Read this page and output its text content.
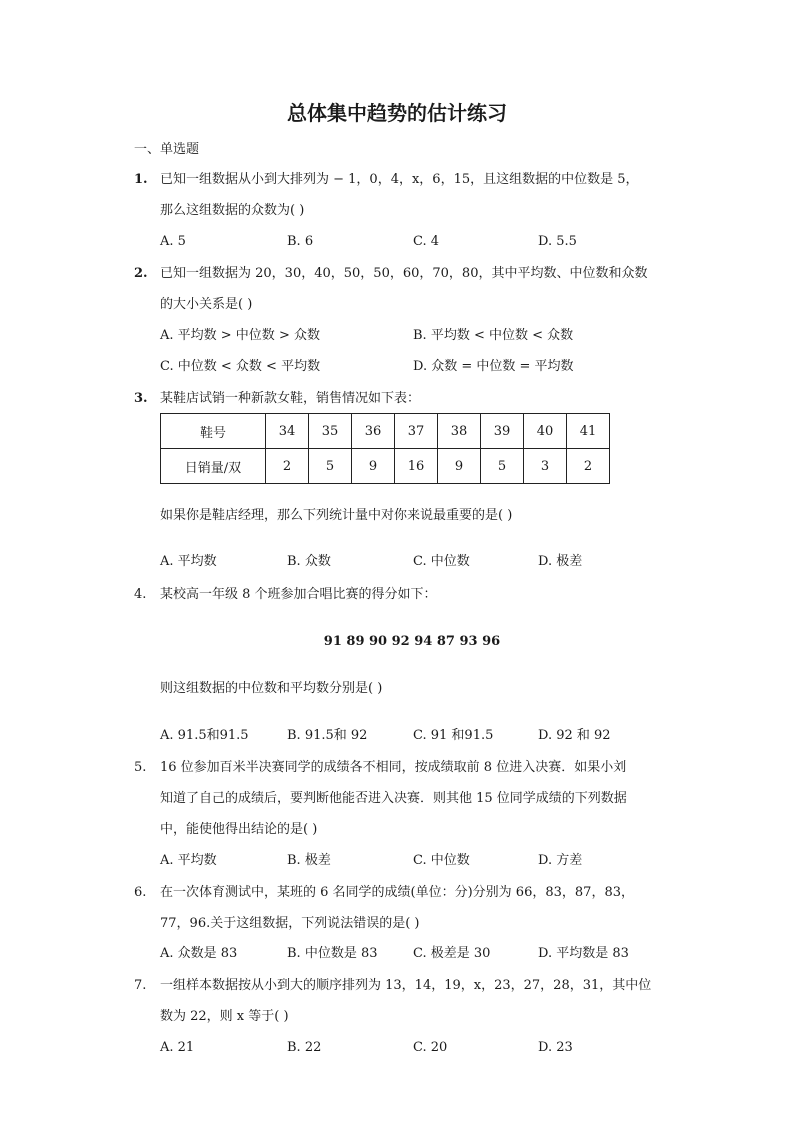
总体集中趋势的估计练习
一、单选题
1. 已知一组数据从小到大排列为 − 1，0，4，x，6，15，且这组数据的中位数是 5，
那么这组数据的众数为( )
A. 5	B. 6	C. 4	D. 5.5
2. 已知一组数据为 20，30，40，50，50，60，70，80，其中平均数、中位数和众数
的大小关系是( )
A. 平均数 > 中位数 > 众数	B. 平均数 < 中位数 < 众数
C. 中位数 < 众数 < 平均数	D. 众数 = 中位数 = 平均数
3. 某鞋店试销一种新款女鞋，销售情况如下表：
鞋号	34	35	36	37	38	39	40	41
日销量/双	2	5	9	16	9	5	3	2
如果你是鞋店经理，那么下列统计量中对你来说最重要的是( )
A. 平均数	B. 众数	C. 中位数	D. 极差
4. 某校高一年级 8 个班参加合唱比赛的得分如下：
91 89 90 92 94 87 93 96
则这组数据的中位数和平均数分别是( )
A. 91.5和91.5	B. 91.5和 92	C. 91 和91.5	D. 92 和 92
5. 16 位参加百米半决赛同学的成绩各不相同，按成绩取前 8 位进入决赛．如果小刘
知道了自己的成绩后，要判断他能否进入决赛．则其他 15 位同学成绩的下列数据
中，能使他得出结论的是( )
A. 平均数	B. 极差	C. 中位数	D. 方差
6. 在一次体育测试中，某班的 6 名同学的成绩(单位：分)分别为 66，83，87，83，
77，96.关于这组数据，下列说法错误的是( )
A. 众数是 83	B. 中位数是 83	C. 极差是 30	D. 平均数是 83
7. 一组样本数据按从小到大的顺序排列为 13，14，19，x，23，27，28，31，其中位
数为 22，则 x 等于( )
A. 21	B. 22	C. 20	D. 23
